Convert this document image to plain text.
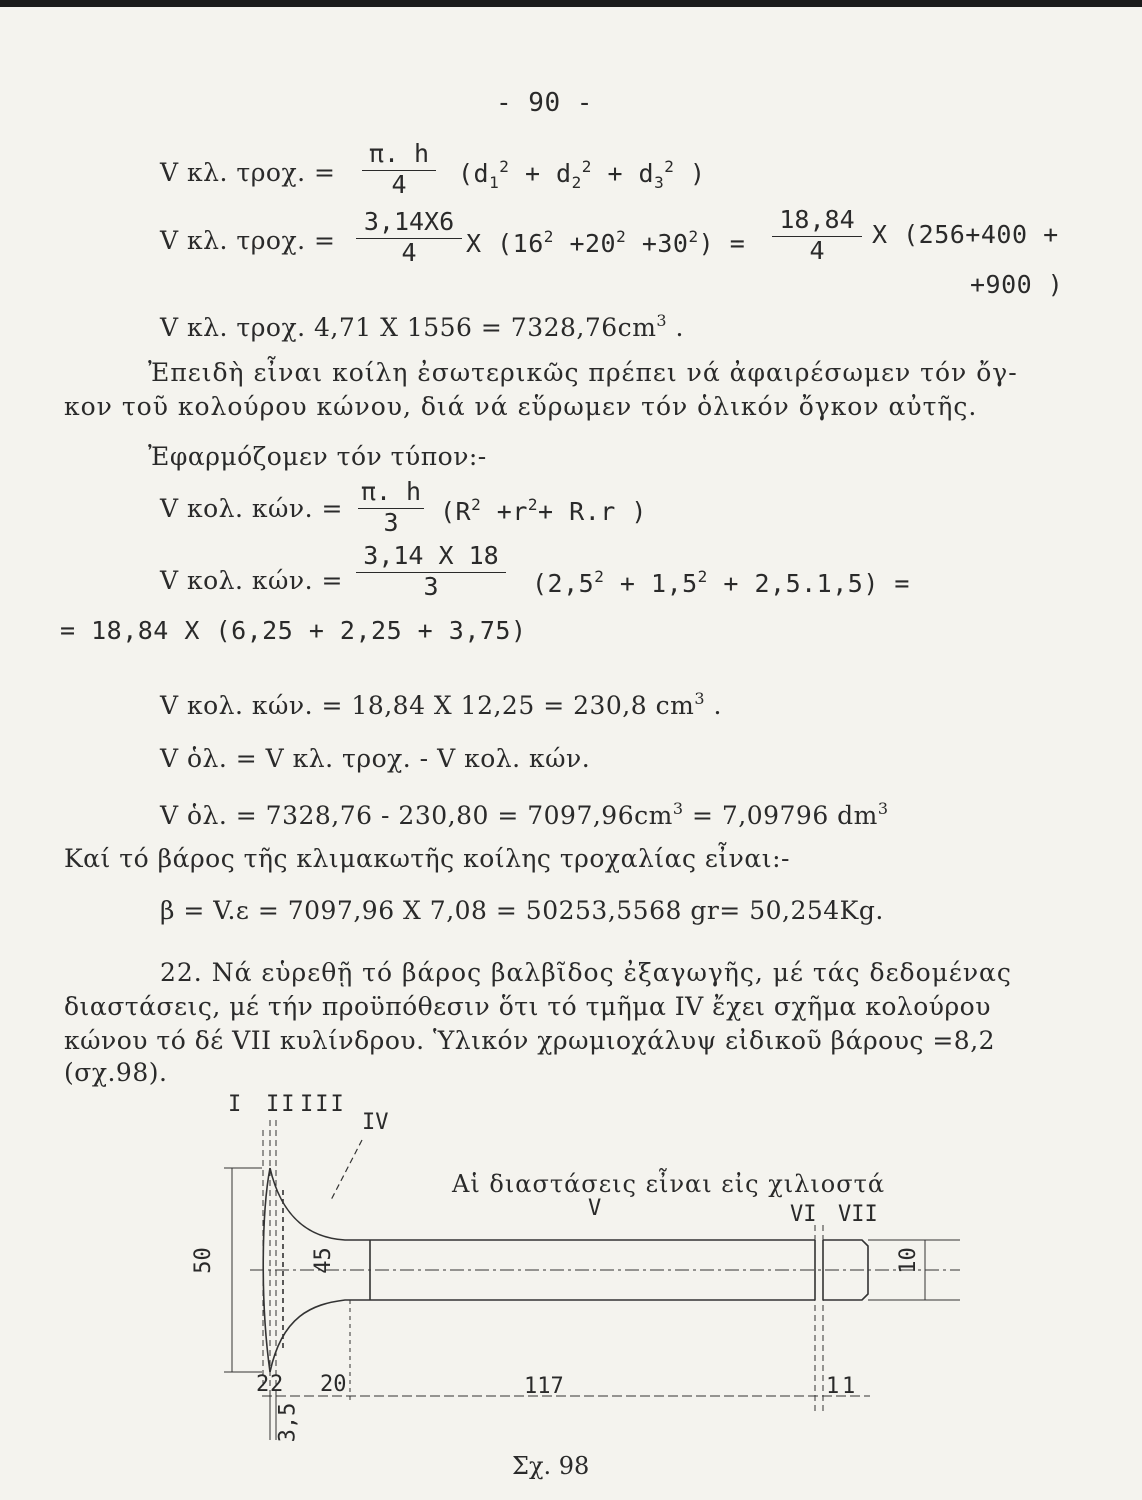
- 90 -
V κλ. τροχ. = $\frac{\pi. h}{4} (d_1^2 + d_2^2 + d_3^2$ )
V κλ. τροχ. = $\frac{3,14X6}{4}$ X $(16^2 +20^2 +30^2) = \frac{18,84}{4}$ X (256+400 +
+900 )
V κλ. τροχ. 4,71 X $1556 = 7328,76cm^3$ .
Ἐπειδὴ εἶναι κοίλη ἐσωτερικῶς πρέπει νά ἀφαιρέσωμεν τόν ὄγ-
κον τοῦ κολούρου κώνου, διά νά εὕρωμεν τόν ὁλικόν ὄγκον αὐτῆς.
Ἐφαρμόζομεν τόν τύπον:-
V κολ. κών. = $\frac{\pi. h}{3} (R^2 +r^2+ R.r$ )
V κολ. κών. = $\frac{3,14 X 18}{3} (2,5^2 + 1,5^2 + 2,5.1,5)$ =
= 18,84 X (6,25 + 2,25 + 3,75)
V κολ. κών. = 18,84 X 12,25 = 230,8 $cm^3$ .
V ὁλ. = V κλ. τροχ. - V κολ. κών.
V ὁλ. = $7328,76 - 230,80 = 7097,96cm^3 = 7,09796$ $dm^3$
Καί τό βάρος τῆς κλιμακωτῆς κοίλης τροχαλίας εἶναι:-
β = V.ε = 7097,96 X 7,08 = 50253,5568 gr= 50,254Kg.
22. Νά εὑρεθῇ τό βάρος βαλβῖδος ἐξαγωγῆς, μέ τάς δεδομένας
διαστάσεις, μέ τήν προϋπόθεσιν ὅτι τό τμῆμα IV ἔχει σχῆμα κολούρου
κώνου τό δέ VII κυλίνδρου. Ὑλικόν χρωμιοχάλυψ εἰδικοῦ βάρους =8,2
(σχ.98).
I II III
IV
Αἱ διαστάσεις εἶναι εἰς χιλιοστά
V	VI VII
50	45	10
2 2 20	117	1 1
3,5
Σχ. 98
